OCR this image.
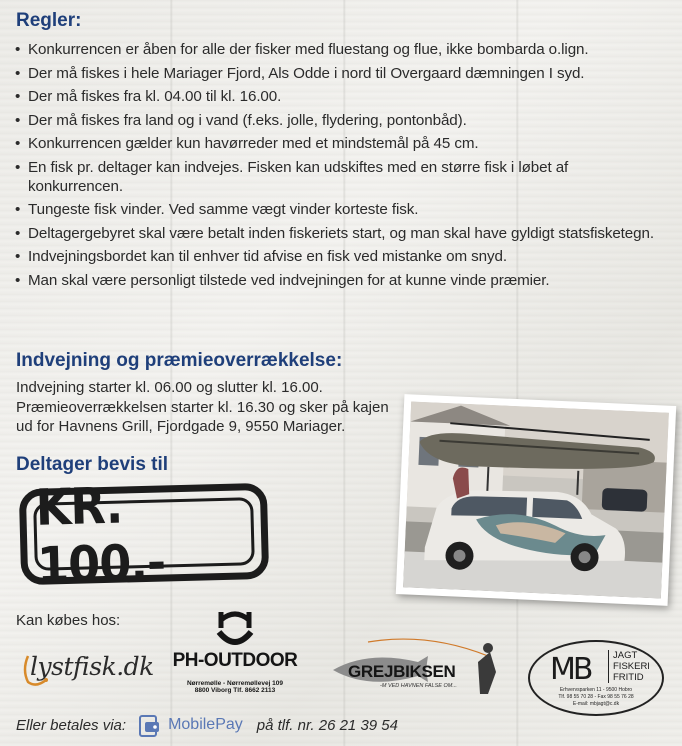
Regler:
• Konkurrencen er åben for alle der fisker med fluestang og flue, ikke bombarda o.lign.
• Der må fiskes i hele Mariager Fjord, Als Odde i nord til Overgaard dæmningen I syd.
• Der må fiskes fra kl. 04.00 til kl. 16.00.
• Der må fiskes fra land og i vand (f.eks. jolle, flydering, pontonbåd).
• Konkurrencen gælder kun havørreder med et mindstemål på 45 cm.
• En fisk pr. deltager kan indvejes. Fisken kan udskiftes med en større fisk i løbet af konkurrencen.
• Tungeste fisk vinder. Ved samme vægt vinder korteste fisk.
• Deltagergebyret skal være betalt inden fiskeriets start, og man skal have gyldigt statsfisketegn.
• Indvejningsbordet kan til enhver tid afvise en fisk ved mistanke om snyd.
• Man skal være personligt tilstede ved indvejningen for at kunne vinde præmier.
Indvejning og præmieoverrækkelse:

Indvejning starter kl. 06.00 og slutter kl. 16.00.

Præmieoverrækkelsen starter kl. 16.30 og sker på kajen

ud for Havnens Grill, Fjordgade 9, 9550 Mariager.

Deltager bevis til
KR. 100.-
Kan købes hos:
lystfisk.dk PH-OUTDOOR
Nørremølle - Nørremøllevej 109
8800 Viborg Tlf. 8662 2113
GREJBIKSEN
-M VED HAVNEN FALSE OM...	MB JAGT
FISKERI
FRITID
Erhvervsparken 11 - 9500 Hobro
Tlf. 98 55 70 28 - Fax 98 55 76 28
E-mail: mbjagt@c.dk
Eller betales via:	MobilePay på tlf. nr. 26 21 39 54
